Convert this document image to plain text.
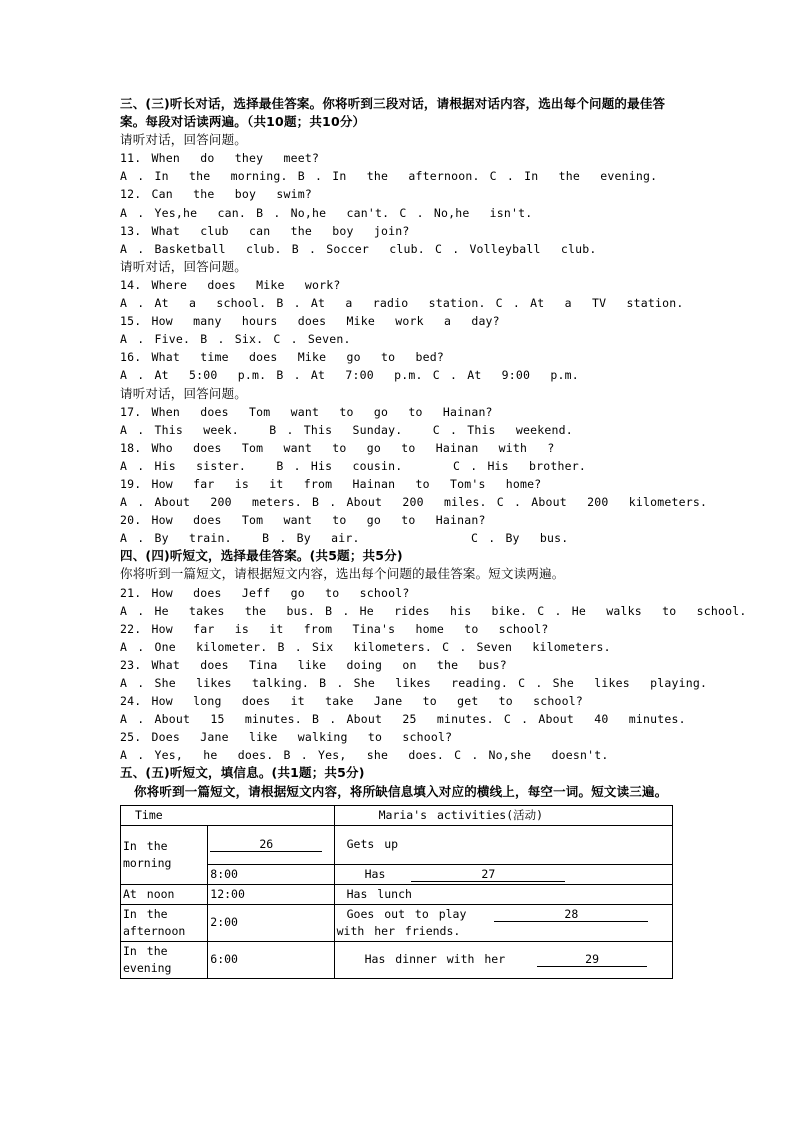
三、(三)听长对话，选择最佳答案。你将听到三段对话，请根据对话内容，选出每个问题的最佳答案。每段对话读两遍。（共10题；共10分）
请听对话，回答问题。
11. When  do  they  meet?
A . In  the  morning. B . In  the  afternoon. C . In  the  evening.
12. Can  the  boy  swim?
A . Yes,he  can. B . No,he  can't. C . No,he  isn't.
13. What  club  can  the  boy  join?
A . Basketball  club. B . Soccer  club. C . Volleyball  club.
请听对话，回答问题。
14. Where  does  Mike  work?
A . At  a  school. B . At  a  radio  station. C . At  a  TV  station.
15. How  many  hours  does  Mike  work  a  day?
A . Five. B . Six. C . Seven.
16. What  time  does  Mike  go  to  bed?
A . At  5:00  p.m. B . At  7:00  p.m. C . At  9:00  p.m.
请听对话，回答问题。
17. When  does  Tom  want  to  go  to  Hainan?
A . This  week.   B . This  Sunday.   C . This  weekend.
18. Who  does  Tom  want  to  go  to  Hainan  with  ?
A . His  sister.   B . His  cousin.     C . His  brother.
19. How  far  is  it  from  Hainan  to  Tom's  home?
A . About  200  meters. B . About  200  miles. C . About  200  kilometers.
20. How  does  Tom  want  to  go  to  Hainan?
A . By  train.   B . By  air.           C . By  bus.
四、(四)听短文，选择最佳答案。(共5题；共5分)
你将听到一篇短文，请根据短文内容，选出每个问题的最佳答案。短文读两遍。
21. How  does  Jeff  go  to  school?
A . He  takes  the  bus. B . He  rides  his  bike. C . He  walks  to  school.
22. How  far  is  it  from  Tina's  home  to  school?
A . One  kilometer. B . Six  kilometers. C . Seven  kilometers.
23. What  does  Tina  like  doing  on  the  bus?
A . She  likes  talking. B . She  likes  reading. C . She  likes  playing.
24. How  long  does  it  take  Jane  to  get  to  school?
A . About  15  minutes. B . About  25  minutes. C . About  40  minutes.
25. Does  Jane  like  walking  to  school?
A . Yes,  he  does. B . Yes,  she  does. C . No,she  doesn't.
五、(五)听短文，填信息。(共1题；共5分)
你将听到一篇短文，请根据短文内容，将所缺信息填入对应的横线上，每空一词。短文读三遍。
Time		Maria's activities(活动)
In the morning	26	Gets up
	8:00	Has 27
At noon	12:00	Has lunch
In the afternoon	2:00	Goes out to play 28
with her friends.
In the evening	6:00	Has dinner with her 29
